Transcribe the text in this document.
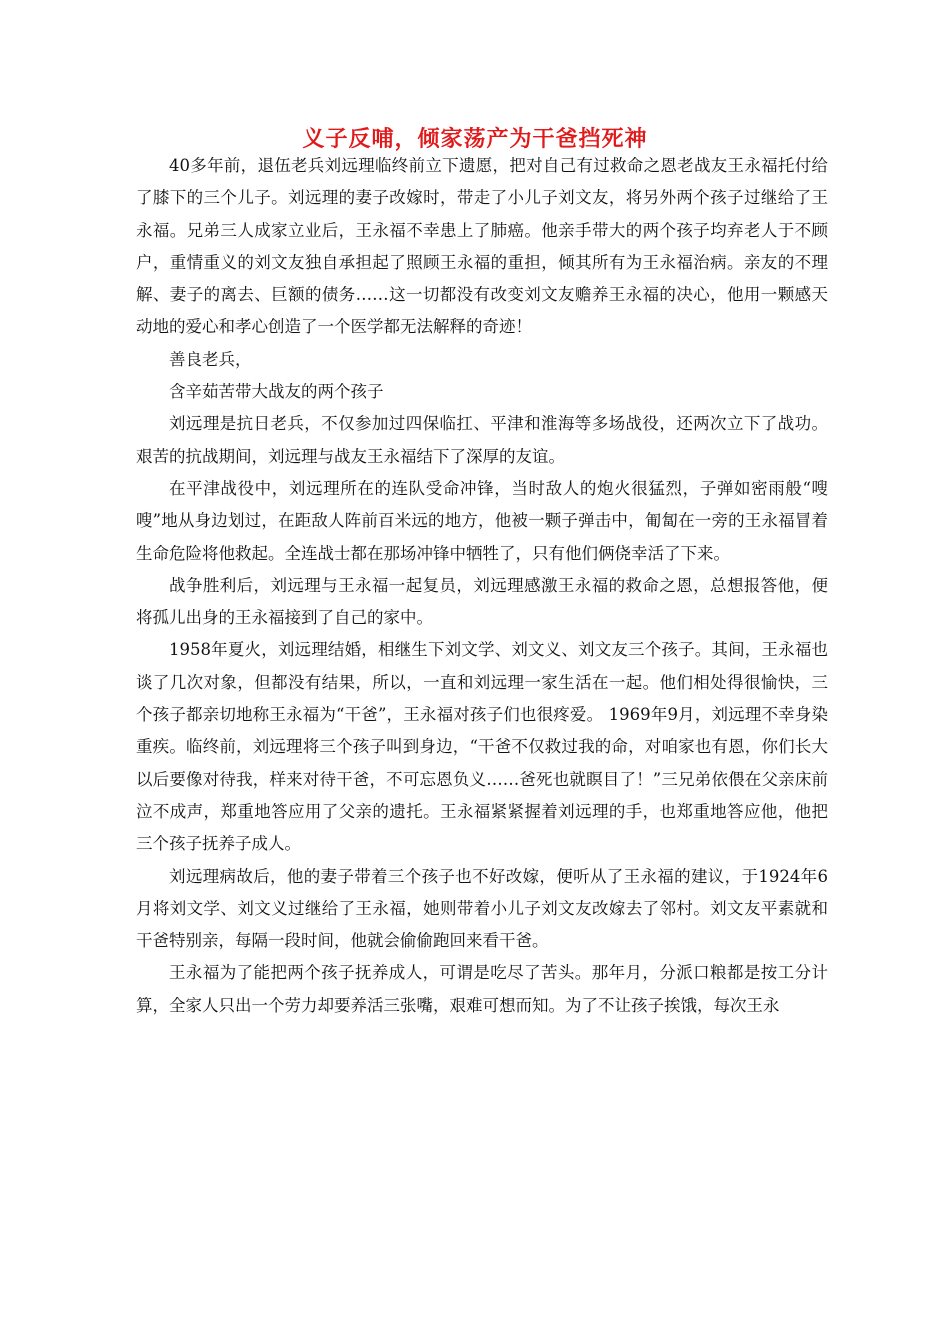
义子反哺，倾家荡产为干爸挡死神

40多年前，退伍老兵刘远理临终前立下遗愿，把对自己有过救命之恩老战友王永福托付给了膝下的三个儿子。刘远理的妻子改嫁时，带走了小儿子刘文友，将另外两个孩子过继给了王永福。兄弟三人成家立业后，王永福不幸患上了肺癌。他亲手带大的两个孩子均弃老人于不顾户，重情重义的刘文友独自承担起了照顾王永福的重担，倾其所有为王永福治病。亲友的不理解、妻子的离去、巨额的债务……这一切都没有改变刘文友赡养王永福的决心，他用一颗感天动地的爱心和孝心创造了一个医学都无法解释的奇迹！

善良老兵，

含辛茹苦带大战友的两个孩子

刘远理是抗日老兵，不仅参加过四保临扛、平津和淮海等多场战役，还两次立下了战功。艰苦的抗战期间，刘远理与战友王永福结下了深厚的友谊。

在平津战役中，刘远理所在的连队受命冲锋，当时敌人的炮火很猛烈，子弹如密雨般“嗖嗖”地从身边划过，在距敌人阵前百米远的地方，他被一颗子弹击中，匍匐在一旁的王永福冒着生命危险将他救起。全连战士都在那场冲锋中牺牲了，只有他们俩侥幸活了下来。

战争胜利后，刘远理与王永福一起复员，刘远理感激王永福的救命之恩，总想报答他，便将孤儿出身的王永福接到了自己的家中。

1958年夏火，刘远理结婚，相继生下刘文学、刘文义、刘文友三个孩子。其间，王永福也谈了几次对象，但都没有结果，所以，一直和刘远理一家生活在一起。他们相处得很愉快，三个孩子都亲切地称王永福为“干爸”，王永福对孩子们也很疼爱。 1969年9月，刘远理不幸身染重疾。临终前，刘远理将三个孩子叫到身边，“干爸不仅救过我的命，对咱家也有恩，你们长大以后要像对待我，样来对待干爸，不可忘恩负义……爸死也就瞑目了！”三兄弟依偎在父亲床前泣不成声，郑重地答应用了父亲的遗托。王永福紧紧握着刘远理的手，也郑重地答应他，他把三个孩子抚养子成人。

刘远理病故后，他的妻子带着三个孩子也不好改嫁，便听从了王永福的建议，于1924年6月将刘文学、刘文义过继给了王永福，她则带着小儿子刘文友改嫁去了邻村。刘文友平素就和干爸特别亲，每隔一段时间，他就会偷偷跑回来看干爸。

王永福为了能把两个孩子抚养成人，可谓是吃尽了苦头。那年月，分派口粮都是按工分计算，全家人只出一个劳力却要养活三张嘴，艰难可想而知。为了不让孩子挨饿，每次王永
